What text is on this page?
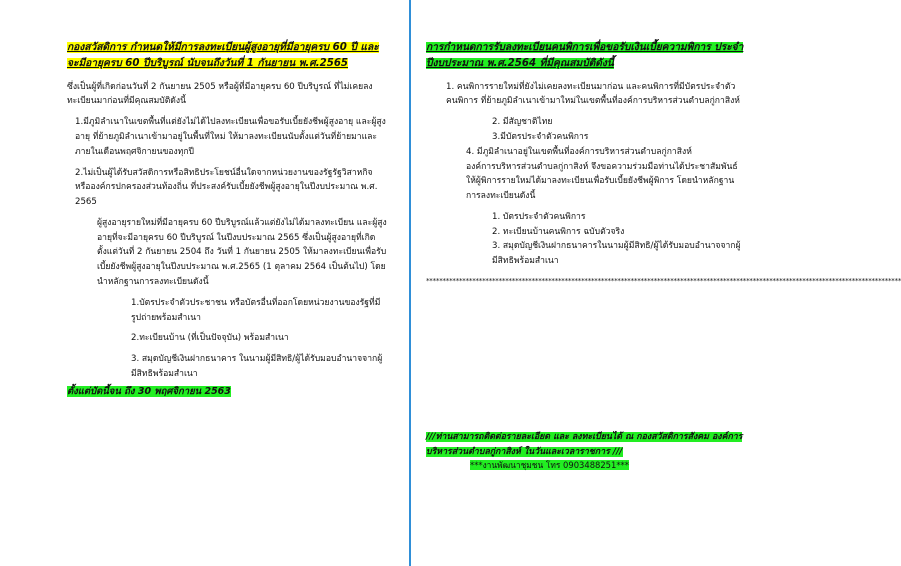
กองสวัสดิการ กำหนดให้มีการลงทะเบียนผู้สูงอายุที่มีอายุครบ 60 ปี และจะมีอายุครบ 60 ปีบริบูรณ์ นับจนถึงวันที่ 1 กันยายน พ.ศ.2565

ซึ่งเป็นผู้ที่เกิดก่อนวันที่ 2 กันยายน 2505 หรือผู้ที่มีอายุครบ 60 ปีบริบูรณ์ ที่ไม่เคยลงทะเบียนมาก่อนที่มีคุณสมบัติดังนี้

1.มีภูมิลำเนาในเขตพื้นที่แต่ยังไม่ได้ไปลงทะเบียนเพื่อขอรับเบี้ยยังชีพผู้สูงอายุ และผู้สูงอายุ ที่ย้ายภูมิลำเนาเข้ามาอยู่ในพื้นที่ใหม่ ให้มาลงทะเบียนนับตั้งแต่วันที่ย้ายมาและภายในเดือนพฤศจิกายนของทุกปี

2.ไม่เป็นผู้ได้รับสวัสดิการหรือสิทธิประโยชน์อื่นใดจากหน่วยงานของรัฐรัฐวิสาหกิจ หรือองค์กรปกครองส่วนท้องถิ่น ที่ประสงค์รับเบี้ยยังชีพผู้สูงอายุในปีงบประมาณ พ.ศ. 2565

ผู้สูงอายุรายใหม่ที่มีอายุครบ 60 ปีบริบูรณ์แล้วแต่ยังไม่ได้มาลงทะเบียน และผู้สูงอายุที่จะมีอายุครบ 60 ปีบริบูรณ์ ในปีงบประมาณ 2565 ซึ่งเป็นผู้สูงอายุที่เกิดตั้งแต่วันที่ 2 กันยายน 2504 ถึง วันที่ 1 กันยายน 2505 ให้มาลงทะเบียนเพื่อรับเบี้ยยังชีพผู้สูงอายุในปีงบประมาณ พ.ศ.2565 (1 ตุลาคม 2564 เป็นต้นไป) โดยนำหลักฐานการลงทะเบียนดังนี้

1.บัตรประจำตัวประชาชน หรือบัตรอื่นที่ออกโดยหน่วยงานของรัฐที่มีรูปถ่ายพร้อมสำเนา

2.ทะเบียนบ้าน (ที่เป็นปัจจุบัน) พร้อมสำเนา

3. สมุดบัญชีเงินฝากธนาคาร ในนามผู้มีสิทธิ/ผู้ได้รับมอบอำนาจจากผู้มีสิทธิพร้อมสำเนา

ตั้งแต่บัดนี้จน ถึง 30 พฤศจิกายน 2563
การกำหนดการรับลงทะเบียนคนพิการเพื่อขอรับเงินเบี้ยความพิการ ประจำปีงบประมาณ พ.ศ.2564 ที่มีคุณสมบัติดังนี้

1. คนพิการรายใหม่ที่ยังไม่เคยลงทะเบียนมาก่อน และคนพิการที่มีบัตรประจำตัวคนพิการ ที่ย้ายภูมิลำเนาเข้ามาใหม่ในเขตพื้นที่องค์การบริหารส่วนตำบลกู่กาสิงห์

2. มีสัญชาติไทย

3.มีบัตรประจำตัวคนพิการ

4. มีภูมิลำเนาอยู่ในเขตพื้นที่องค์การบริหารส่วนตำบลกู่กาสิงห์

องค์การบริหารส่วนตำบลกู่กาสิงห์ จึงขอความร่วมมือท่านได้ประชาสัมพันธ์ให้ผู้พิการรายใหม่ได้มาลงทะเบียนเพื่อรับเบี้ยยังชีพผู้พิการ โดยนำหลักฐานการลงทะเบียนดังนี้

1. บัตรประจำตัวคนพิการ

2. ทะเบียนบ้านคนพิการ ฉบับตัวจริง

3. สมุดบัญชีเงินฝากธนาคารในนามผู้มีสิทธิ/ผู้ได้รับมอบอำนาจจากผู้มีสิทธิพร้อมสำเนา

************************************************************************************************************************************************
///ท่านสามารถติดต่อรายละเอียด และ ลงทะเบียนได้ ณ กองสวัสดิการสังคม องค์การบริหารส่วนตำบลกู่กาสิงห์ ในวันและเวลาราชการ ///
***งานพัฒนาชุมชน โทร 0903488251***
